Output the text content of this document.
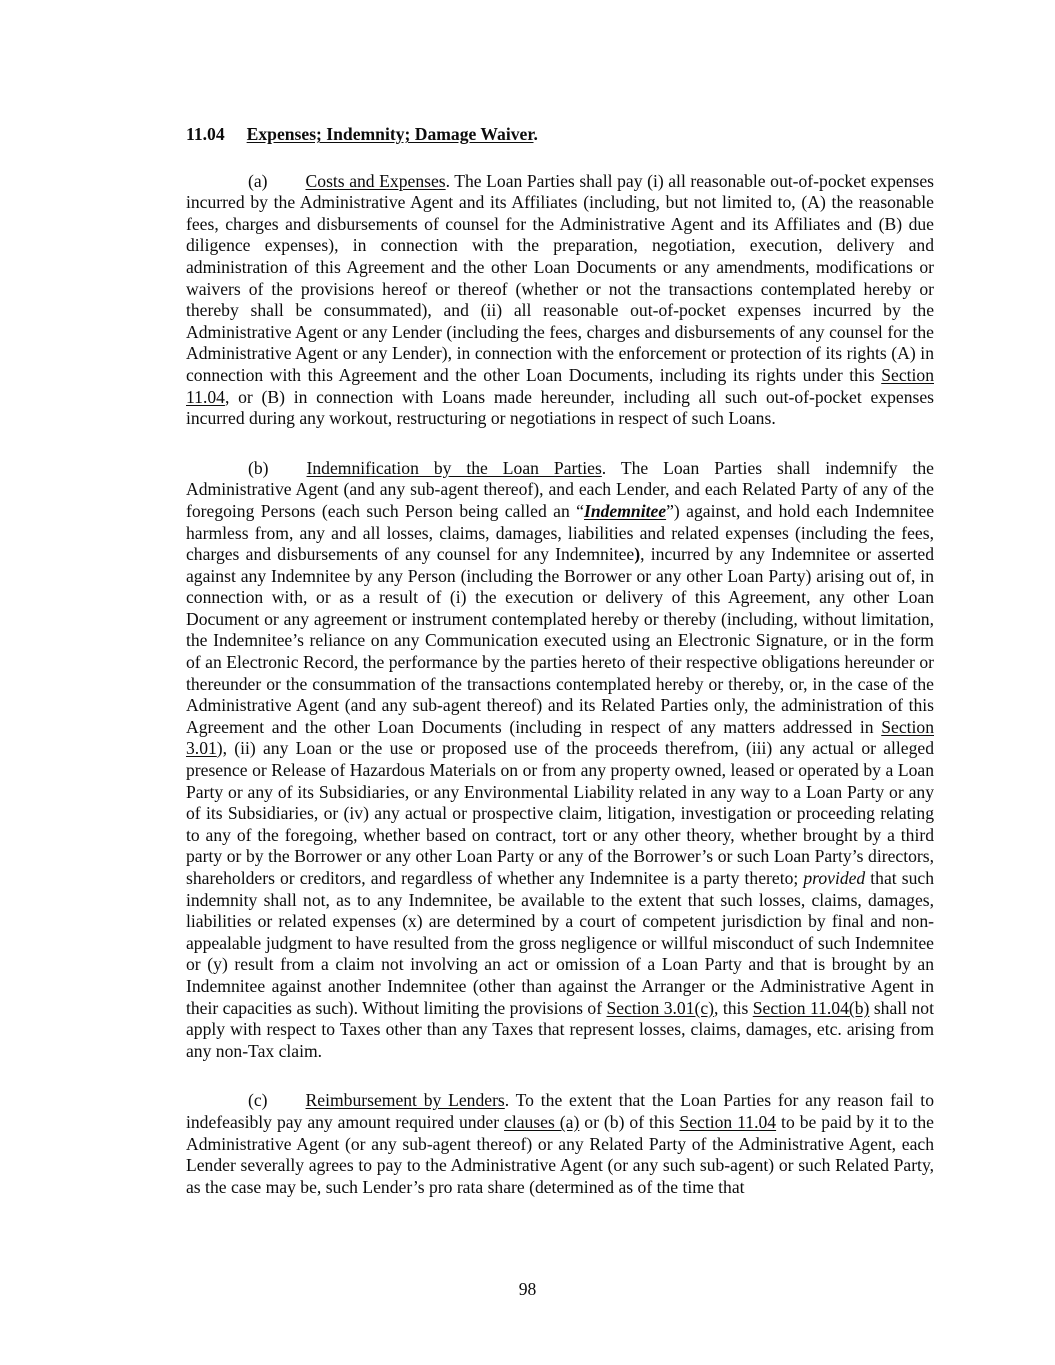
11.04 Expenses; Indemnity; Damage Waiver.

(a) Costs and Expenses. The Loan Parties shall pay (i) all reasonable out-of-pocket expenses incurred by the Administrative Agent and its Affiliates (including, but not limited to, (A) the reasonable fees, charges and disbursements of counsel for the Administrative Agent and its Affiliates and (B) due diligence expenses), in connection with the preparation, negotiation, execution, delivery and administration of this Agreement and the other Loan Documents or any amendments, modifications or waivers of the provisions hereof or thereof (whether or not the transactions contemplated hereby or thereby shall be consummated), and (ii) all reasonable out-of-pocket expenses incurred by the Administrative Agent or any Lender (including the fees, charges and disbursements of any counsel for the Administrative Agent or any Lender), in connection with the enforcement or protection of its rights (A) in connection with this Agreement and the other Loan Documents, including its rights under this Section 11.04, or (B) in connection with Loans made hereunder, including all such out-of-pocket expenses incurred during any workout, restructuring or negotiations in respect of such Loans.

(b) Indemnification by the Loan Parties. The Loan Parties shall indemnify the Administrative Agent (and any sub-agent thereof), and each Lender, and each Related Party of any of the foregoing Persons (each such Person being called an “Indemnitee”) against, and hold each Indemnitee harmless from, any and all losses, claims, damages, liabilities and related expenses (including the fees, charges and disbursements of any counsel for any Indemnitee), incurred by any Indemnitee or asserted against any Indemnitee by any Person (including the Borrower or any other Loan Party) arising out of, in connection with, or as a result of (i) the execution or delivery of this Agreement, any other Loan Document or any agreement or instrument contemplated hereby or thereby (including, without limitation, the Indemnitee’s reliance on any Communication executed using an Electronic Signature, or in the form of an Electronic Record, the performance by the parties hereto of their respective obligations hereunder or thereunder or the consummation of the transactions contemplated hereby or thereby, or, in the case of the Administrative Agent (and any sub-agent thereof) and its Related Parties only, the administration of this Agreement and the other Loan Documents (including in respect of any matters addressed in Section 3.01), (ii) any Loan or the use or proposed use of the proceeds therefrom, (iii) any actual or alleged presence or Release of Hazardous Materials on or from any property owned, leased or operated by a Loan Party or any of its Subsidiaries, or any Environmental Liability related in any way to a Loan Party or any of its Subsidiaries, or (iv) any actual or prospective claim, litigation, investigation or proceeding relating to any of the foregoing, whether based on contract, tort or any other theory, whether brought by a third party or by the Borrower or any other Loan Party or any of the Borrower’s or such Loan Party’s directors, shareholders or creditors, and regardless of whether any Indemnitee is a party thereto; provided that such indemnity shall not, as to any Indemnitee, be available to the extent that such losses, claims, damages, liabilities or related expenses (x) are determined by a court of competent jurisdiction by final and non-appealable judgment to have resulted from the gross negligence or willful misconduct of such Indemnitee or (y) result from a claim not involving an act or omission of a Loan Party and that is brought by an Indemnitee against another Indemnitee (other than against the Arranger or the Administrative Agent in their capacities as such). Without limiting the provisions of Section 3.01(c), this Section 11.04(b) shall not apply with respect to Taxes other than any Taxes that represent losses, claims, damages, etc. arising from any non-Tax claim.

(c) Reimbursement by Lenders. To the extent that the Loan Parties for any reason fail to indefeasibly pay any amount required under clauses (a) or (b) of this Section 11.04 to be paid by it to the Administrative Agent (or any sub-agent thereof) or any Related Party of the Administrative Agent, each Lender severally agrees to pay to the Administrative Agent (or any such sub-agent) or such Related Party, as the case may be, such Lender’s pro rata share (determined as of the time that

98
